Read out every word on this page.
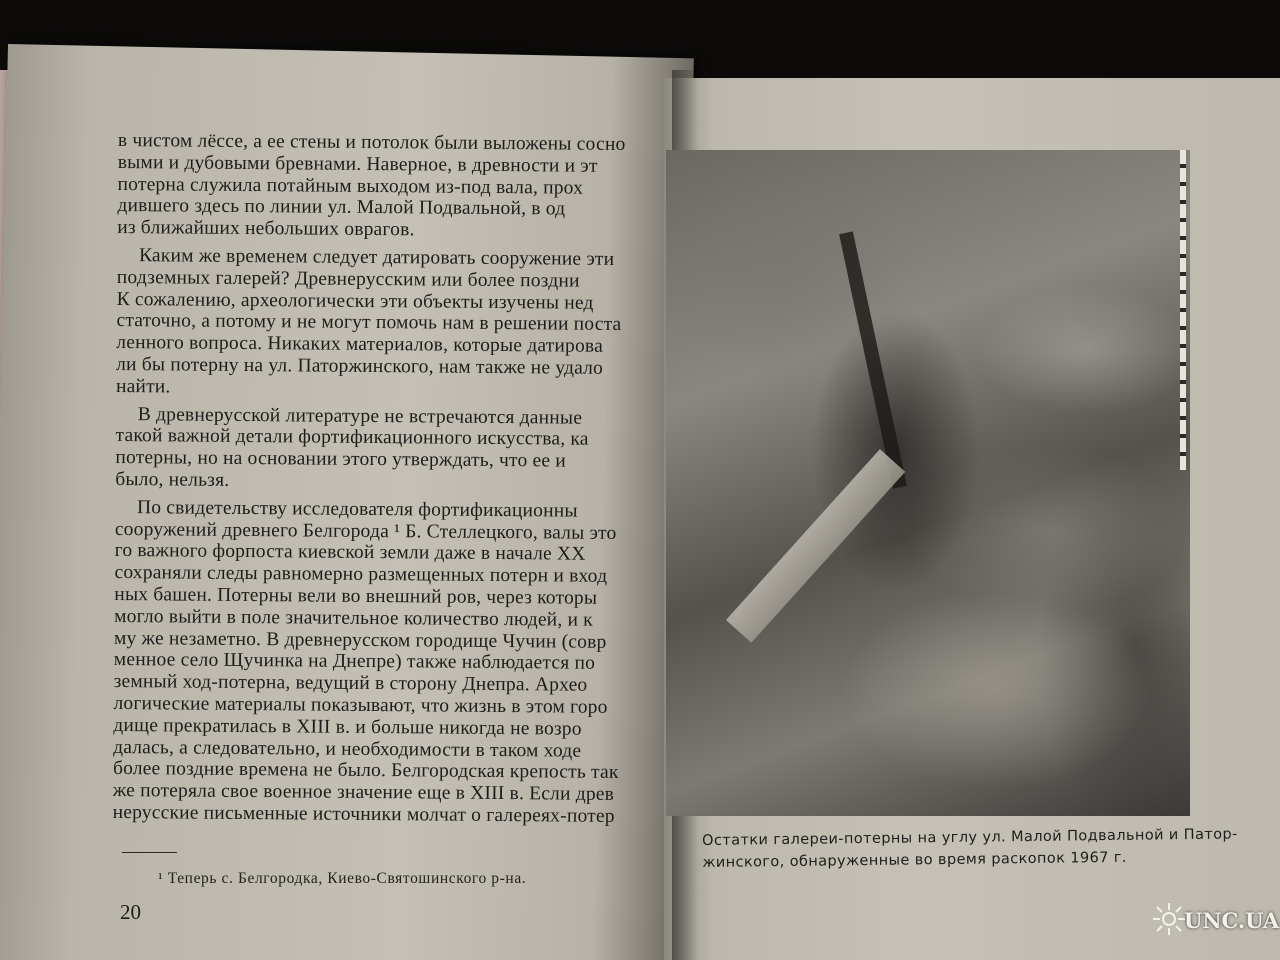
в чистом лёссе, а ее стены и потолок были выложены сосно
выми и дубовыми бревнами. Наверное, в древности и эт
потерна служила потайным выходом из-под вала, прох
дившего здесь по линии ул. Малой Подвальной, в од
из ближайших небольших оврагов.
Каким же временем следует датировать сооружение эти
подземных галерей? Древнерусским или более поздни
К сожалению, археологически эти объекты изучены нед
статочно, а потому и не могут помочь нам в решении поста
ленного вопроса. Никаких материалов, которые датирова
ли бы потерну на ул. Паторжинского, нам также не удало
найти.
В древнерусской литературе не встречаются данные
такой важной детали фортификационного искусства, ка
потерны, но на основании этого утверждать, что ее и
было, нельзя.
По свидетельству исследователя фортификационны
сооружений древнего Белгорода ¹ Б. Стеллецкого, валы это
го важного форпоста киевской земли даже в начале XX
сохраняли следы равномерно размещенных потерн и вход
ных башен. Потерны вели во внешний ров, через которы
могло выйти в поле значительное количество людей, и к
му же незаметно. В древнерусском городище Чучин (совр
менное село Щучинка на Днепре) также наблюдается по
земный ход-потерна, ведущий в сторону Днепра. Архео
логические материалы показывают, что жизнь в этом горо
дище прекратилась в XIII в. и больше никогда не возро
далась, а следовательно, и необходимости в таком ходе
более поздние времена не было. Белгородская крепость так
же потеряла свое военное значение еще в XIII в. Если древ
нерусские письменные источники молчат о галереях-потер
¹ Теперь с. Белгородка, Киево-Святошинского р-на.
20
Остатки галереи-потерны на углу ул. Малой Подвальной и Патор-
жинского, обнаруженные во время раскопок 1967 г.
UNC.UA
